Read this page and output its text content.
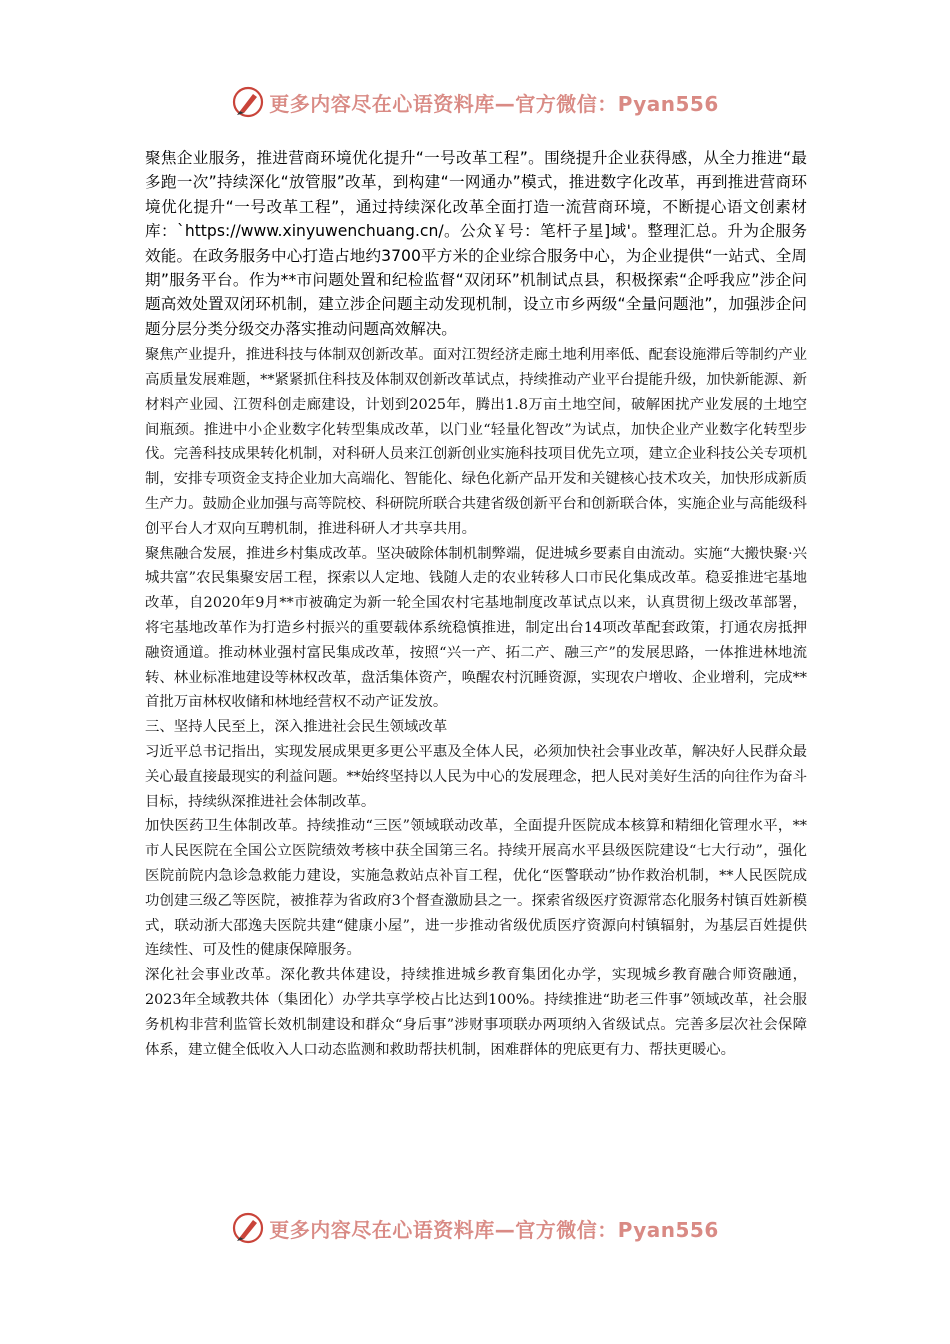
更多内容尽在心语资料库—官方微信：Pyan556

聚焦企业服务，推进营商环境优化提升“一号改革工程”。围绕提升企业获得感，从全力推进“最多跑一次”持续深化“放管服”改革，到构建“一网通办”模式，推进数字化改革，再到推进营商环境优化提升“一号改革工程”，通过持续深化改革全面打造一流营商环境，不断提心语文创素材库：`https://www.xinyuwenchuang.cn/。公众￥号：笔杆子星]域'。整理汇总。升为企服务效能。在政务服务中心打造占地约3700平方米的企业综合服务中心，为企业提供“一站式、全周期”服务平台。作为**市问题处置和纪检监督“双闭环”机制试点县，积极探索“企呼我应”涉企问题高效处置双闭环机制，建立涉企问题主动发现机制，设立市乡两级“全量问题池”，加强涉企问题分层分类分级交办落实推动问题高效解决。

聚焦产业提升，推进科技与体制双创新改革。面对江贺经济走廊土地利用率低、配套设施滞后等制约产业高质量发展难题，**紧紧抓住科技及体制双创新改革试点，持续推动产业平台提能升级，加快新能源、新材料产业园、江贺科创走廊建设，计划到2025年，腾出1.8万亩土地空间，破解困扰产业发展的土地空间瓶颈。推进中小企业数字化转型集成改革，以门业“轻量化智改”为试点，加快企业产业数字化转型步伐。完善科技成果转化机制，对科研人员来江创新创业实施科技项目优先立项，建立企业科技公关专项机制，安排专项资金支持企业加大高端化、智能化、绿色化新产品开发和关键核心技术攻关，加快形成新质生产力。鼓励企业加强与高等院校、科研院所联合共建省级创新平台和创新联合体，实施企业与高能级科创平台人才双向互聘机制，推进科研人才共享共用。

聚焦融合发展，推进乡村集成改革。坚决破除体制机制弊端，促进城乡要素自由流动。实施“大搬快聚·兴城共富”农民集聚安居工程，探索以人定地、钱随人走的农业转移人口市民化集成改革。稳妥推进宅基地改革，自2020年9月**市被确定为新一轮全国农村宅基地制度改革试点以来，认真贯彻上级改革部署，将宅基地改革作为打造乡村振兴的重要载体系统稳慎推进，制定出台14项改革配套政策，打通农房抵押融资通道。推动林业强村富民集成改革，按照“兴一产、拓二产、融三产”的发展思路，一体推进林地流转、林业标准地建设等林权改革，盘活集体资产，唤醒农村沉睡资源，实现农户增收、企业增利，完成**首批万亩林权收储和林地经营权不动产证发放。

三、坚持人民至上，深入推进社会民生领域改革

习近平总书记指出，实现发展成果更多更公平惠及全体人民，必须加快社会事业改革，解决好人民群众最关心最直接最现实的利益问题。**始终坚持以人民为中心的发展理念，把人民对美好生活的向往作为奋斗目标，持续纵深推进社会体制改革。

加快医药卫生体制改革。持续推动“三医”领域联动改革，全面提升医院成本核算和精细化管理水平，**市人民医院在全国公立医院绩效考核中获全国第三名。持续开展高水平县级医院建设“七大行动”，强化医院前院内急诊急救能力建设，实施急救站点补盲工程，优化“医警联动”协作救治机制，**人民医院成功创建三级乙等医院，被推荐为省政府3个督查激励县之一。探索省级医疗资源常态化服务村镇百姓新模式，联动浙大邵逸夫医院共建“健康小屋”，进一步推动省级优质医疗资源向村镇辐射，为基层百姓提供连续性、可及性的健康保障服务。

深化社会事业改革。深化教共体建设，持续推进城乡教育集团化办学，实现城乡教育融合师资融通，2023年全域教共体（集团化）办学共享学校占比达到100%。持续推进“助老三件事”领域改革，社会服务机构非营利监管长效机制建设和群众“身后事”涉财事项联办两项纳入省级试点。完善多层次社会保障体系，建立健全低收入人口动态监测和救助帮扶机制，困难群体的兜底更有力、帮扶更暖心。

更多内容尽在心语资料库—官方微信：Pyan556
